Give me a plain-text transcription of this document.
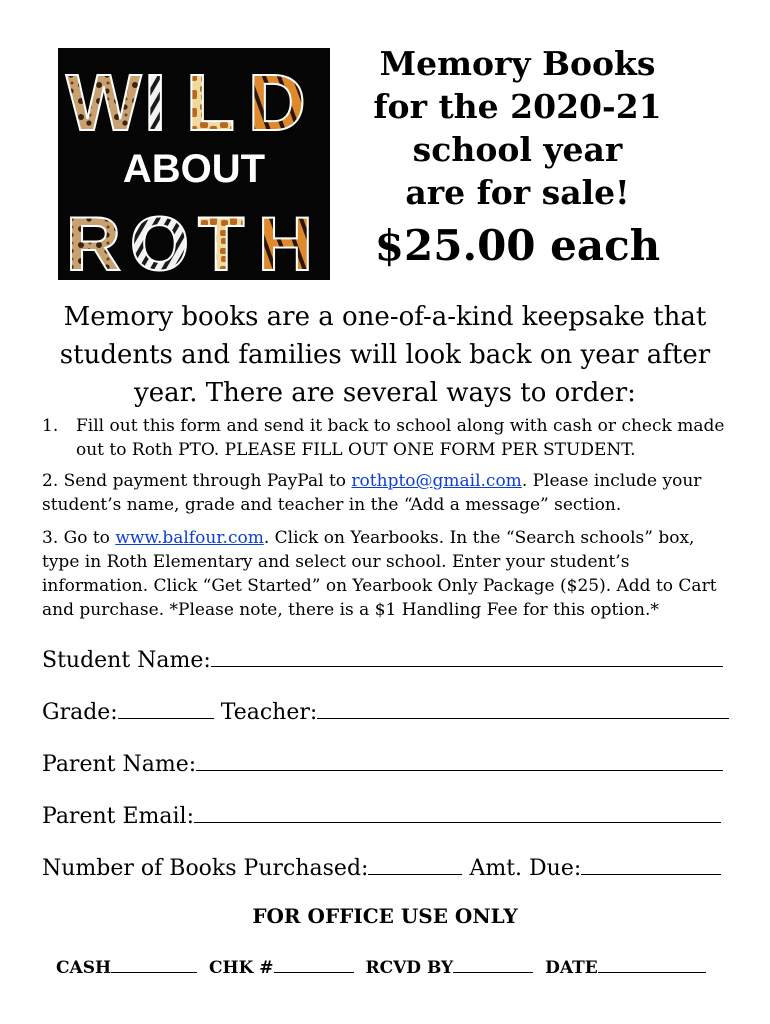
W I L D
ABOUT
R O T H
Memory Books
for the 2020-21
school year
are for sale!
$25.00 each
Memory books are a one-of-a-kind keepsake that students and families will look back on year after year. There are several ways to order:
1.	Fill out this form and send it back to school along with cash or check made out to Roth PTO. PLEASE FILL OUT ONE FORM PER STUDENT.
2. Send payment through PayPal to rothpto@gmail.com. Please include your student’s name, grade and teacher in the “Add a message” section.
3. Go to www.balfour.com. Click on Yearbooks. In the “Search schools” box, type in Roth Elementary and select our school. Enter your student’s information. Click “Get Started” on Yearbook Only Package ($25). Add to Cart and purchase. *Please note, there is a $1 Handling Fee for this option.*
Student Name:
Grade:	Teacher:
Parent Name:
Parent Email:
Number of Books Purchased:	Amt. Due:
FOR OFFICE USE ONLY
CASH	CHK #	RCVD BY	DATE
